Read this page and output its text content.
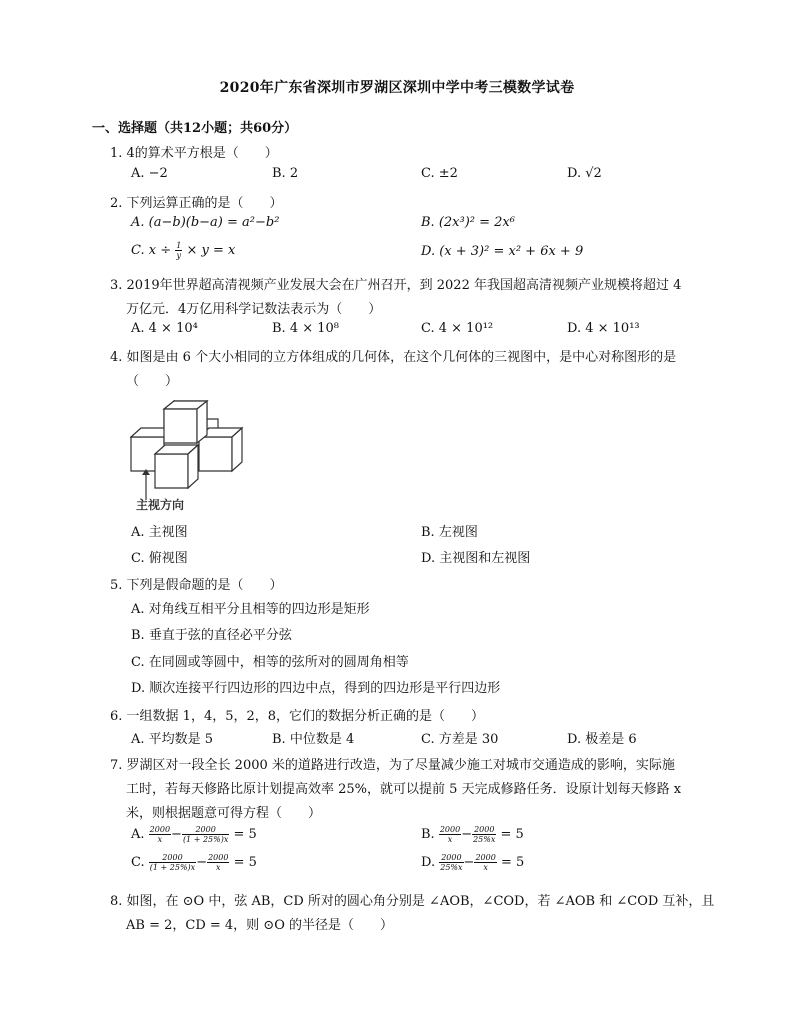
2020年广东省深圳市罗湖区深圳中学中考三模数学试卷
一、选择题（共12小题；共60分）
1. 4的算术平方根是（　　）
A. −2	B. 2	C. ±2	D. √2
2. 下列运算正确的是（　　）
A. (a−b)(b−a) = a²−b²	B. (2x³)² = 2x⁶
C. $x \div \frac{1}{y} \times y = x$	D. (x + 3)² = x² + 6x + 9
3. 2019年世界超高清视频产业发展大会在广州召开，到 2022 年我国超高清视频产业规模将超过 4
万亿元．4万亿用科学记数法表示为（　　）
A. 4 × 10⁴	B. 4 × 10⁸	C. 4 × 10¹²	D. 4 × 10¹³
4. 如图是由 6 个大小相同的立方体组成的几何体，在这个几何体的三视图中，是中心对称图形的是
（　　）
主视方向
A. 主视图	B. 左视图
C. 俯视图	D. 主视图和左视图
5. 下列是假命题的是（　　）
A. 对角线互相平分且相等的四边形是矩形
B. 垂直于弦的直径必平分弦
C. 在同圆或等圆中，相等的弦所对的圆周角相等
D. 顺次连接平行四边形的四边中点，得到的四边形是平行四边形
6. 一组数据 1，4，5，2，8，它们的数据分析正确的是（　　）
A. 平均数是 5	B. 中位数是 4	C. 方差是 30	D. 极差是 6
7. 罗湖区对一段全长 2000 米的道路进行改造，为了尽量减少施工对城市交通造成的影响，实际施
工时，若每天修路比原计划提高效率 25%，就可以提前 5 天完成修路任务．设原计划每天修路 x
米，则根据题意可得方程（　　）
A. $\frac{2000}{x} - \frac{2000}{(1 + 25\%)x} = 5$	B. $\frac{2000}{x} - \frac{2000}{25\%x} = 5$
C. $\frac{2000}{(1 + 25\%)x} - \frac{2000}{x} = 5$	D. $\frac{2000}{25\%x} - \frac{2000}{x} = 5$
8. 如图，在 ⊙O 中，弦 AB，CD 所对的圆心角分别是 ∠AOB，∠COD，若 ∠AOB 和 ∠COD 互补，且
AB = 2，CD = 4，则 ⊙O 的半径是（　　）
